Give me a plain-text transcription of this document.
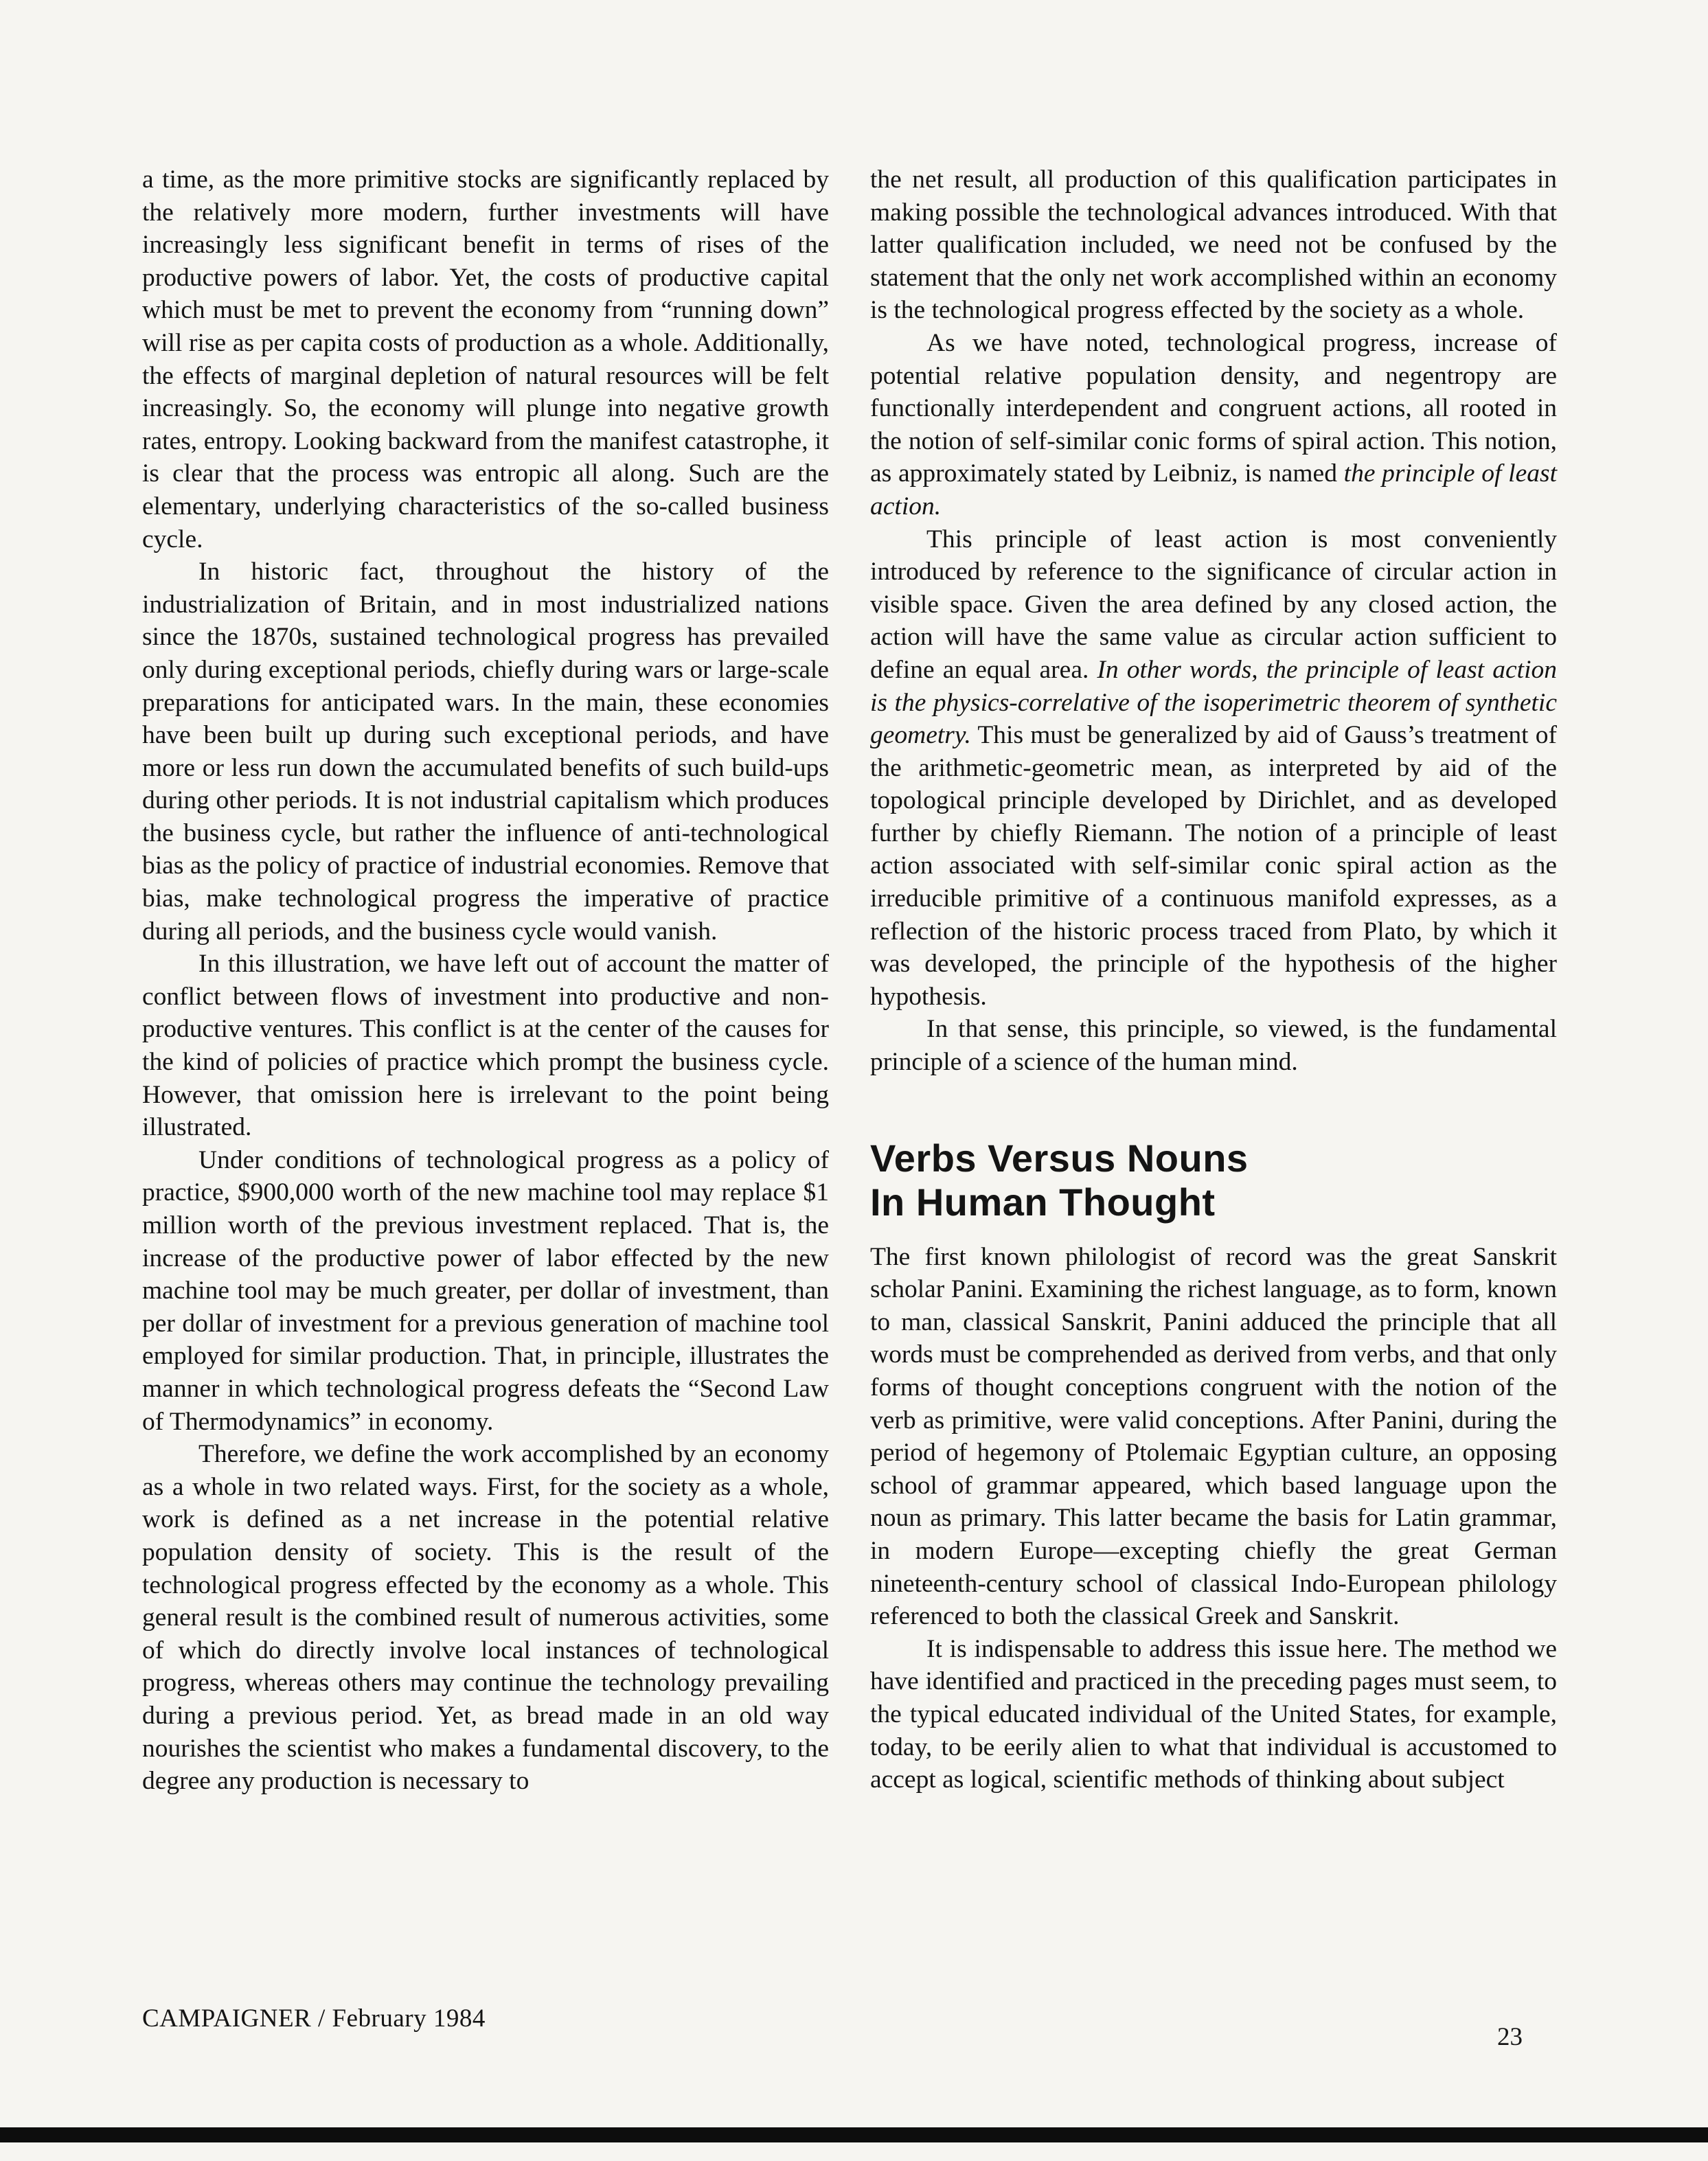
a time, as the more primitive stocks are significantly replaced by the relatively more modern, further investments will have increasingly less significant benefit in terms of rises of the productive powers of labor. Yet, the costs of productive capital which must be met to prevent the economy from “running down” will rise as per capita costs of production as a whole. Additionally, the effects of marginal depletion of natural resources will be felt increasingly. So, the economy will plunge into negative growth rates, entropy. Looking backward from the manifest catastrophe, it is clear that the process was entropic all along. Such are the elementary, underlying characteristics of the so-called business cycle.

In historic fact, throughout the history of the industrialization of Britain, and in most industrialized nations since the 1870s, sustained technological progress has prevailed only during exceptional periods, chiefly during wars or large-scale preparations for anticipated wars. In the main, these economies have been built up during such exceptional periods, and have more or less run down the accumulated benefits of such build-ups during other periods. It is not industrial capitalism which produces the business cycle, but rather the influence of anti-technological bias as the policy of practice of industrial economies. Remove that bias, make technological progress the imperative of practice during all periods, and the business cycle would vanish.

In this illustration, we have left out of account the matter of conflict between flows of investment into productive and non-productive ventures. This conflict is at the center of the causes for the kind of policies of practice which prompt the business cycle. However, that omission here is irrelevant to the point being illustrated.

Under conditions of technological progress as a policy of practice, $900,000 worth of the new machine tool may replace $1 million worth of the previous investment replaced. That is, the increase of the productive power of labor effected by the new machine tool may be much greater, per dollar of investment, than per dollar of investment for a previous generation of machine tool employed for similar production. That, in principle, illustrates the manner in which technological progress defeats the “Second Law of Thermodynamics” in economy.

Therefore, we define the work accomplished by an economy as a whole in two related ways. First, for the society as a whole, work is defined as a net increase in the potential relative population density of society. This is the result of the technological progress effected by the economy as a whole. This general result is the combined result of numerous activities, some of which do directly involve local instances of technological progress, whereas others may continue the technology prevailing during a previous period. Yet, as bread made in an old way nourishes the scientist who makes a fundamental discovery, to the degree any production is necessary to

the net result, all production of this qualification participates in making possible the technological advances introduced. With that latter qualification included, we need not be confused by the statement that the only net work accomplished within an economy is the technological progress effected by the society as a whole.

As we have noted, technological progress, increase of potential relative population density, and negentropy are functionally interdependent and congruent actions, all rooted in the notion of self-similar conic forms of spiral action. This notion, as approximately stated by Leibniz, is named the principle of least action.

This principle of least action is most conveniently introduced by reference to the significance of circular action in visible space. Given the area defined by any closed action, the action will have the same value as circular action sufficient to define an equal area. In other words, the principle of least action is the physics-correlative of the isoperimetric theorem of synthetic geometry. This must be generalized by aid of Gauss’s treatment of the arithmetic-geometric mean, as interpreted by aid of the topological principle developed by Dirichlet, and as developed further by chiefly Riemann. The notion of a principle of least action associated with self-similar conic spiral action as the irreducible primitive of a continuous manifold expresses, as a reflection of the historic process traced from Plato, by which it was developed, the principle of the hypothesis of the higher hypothesis.

In that sense, this principle, so viewed, is the fundamental principle of a science of the human mind.

Verbs Versus Nouns
In Human Thought

The first known philologist of record was the great Sanskrit scholar Panini. Examining the richest language, as to form, known to man, classical Sanskrit, Panini adduced the principle that all words must be comprehended as derived from verbs, and that only forms of thought conceptions congruent with the notion of the verb as primitive, were valid conceptions. After Panini, during the period of hegemony of Ptolemaic Egyptian culture, an opposing school of grammar appeared, which based language upon the noun as primary. This latter became the basis for Latin grammar, in modern Europe—excepting chiefly the great German nineteenth-century school of classical Indo-European philology referenced to both the classical Greek and Sanskrit.

It is indispensable to address this issue here. The method we have identified and practiced in the preceding pages must seem, to the typical educated individual of the United States, for example, today, to be eerily alien to what that individual is accustomed to accept as logical, scientific methods of thinking about subject

CAMPAIGNER / February 1984
23
